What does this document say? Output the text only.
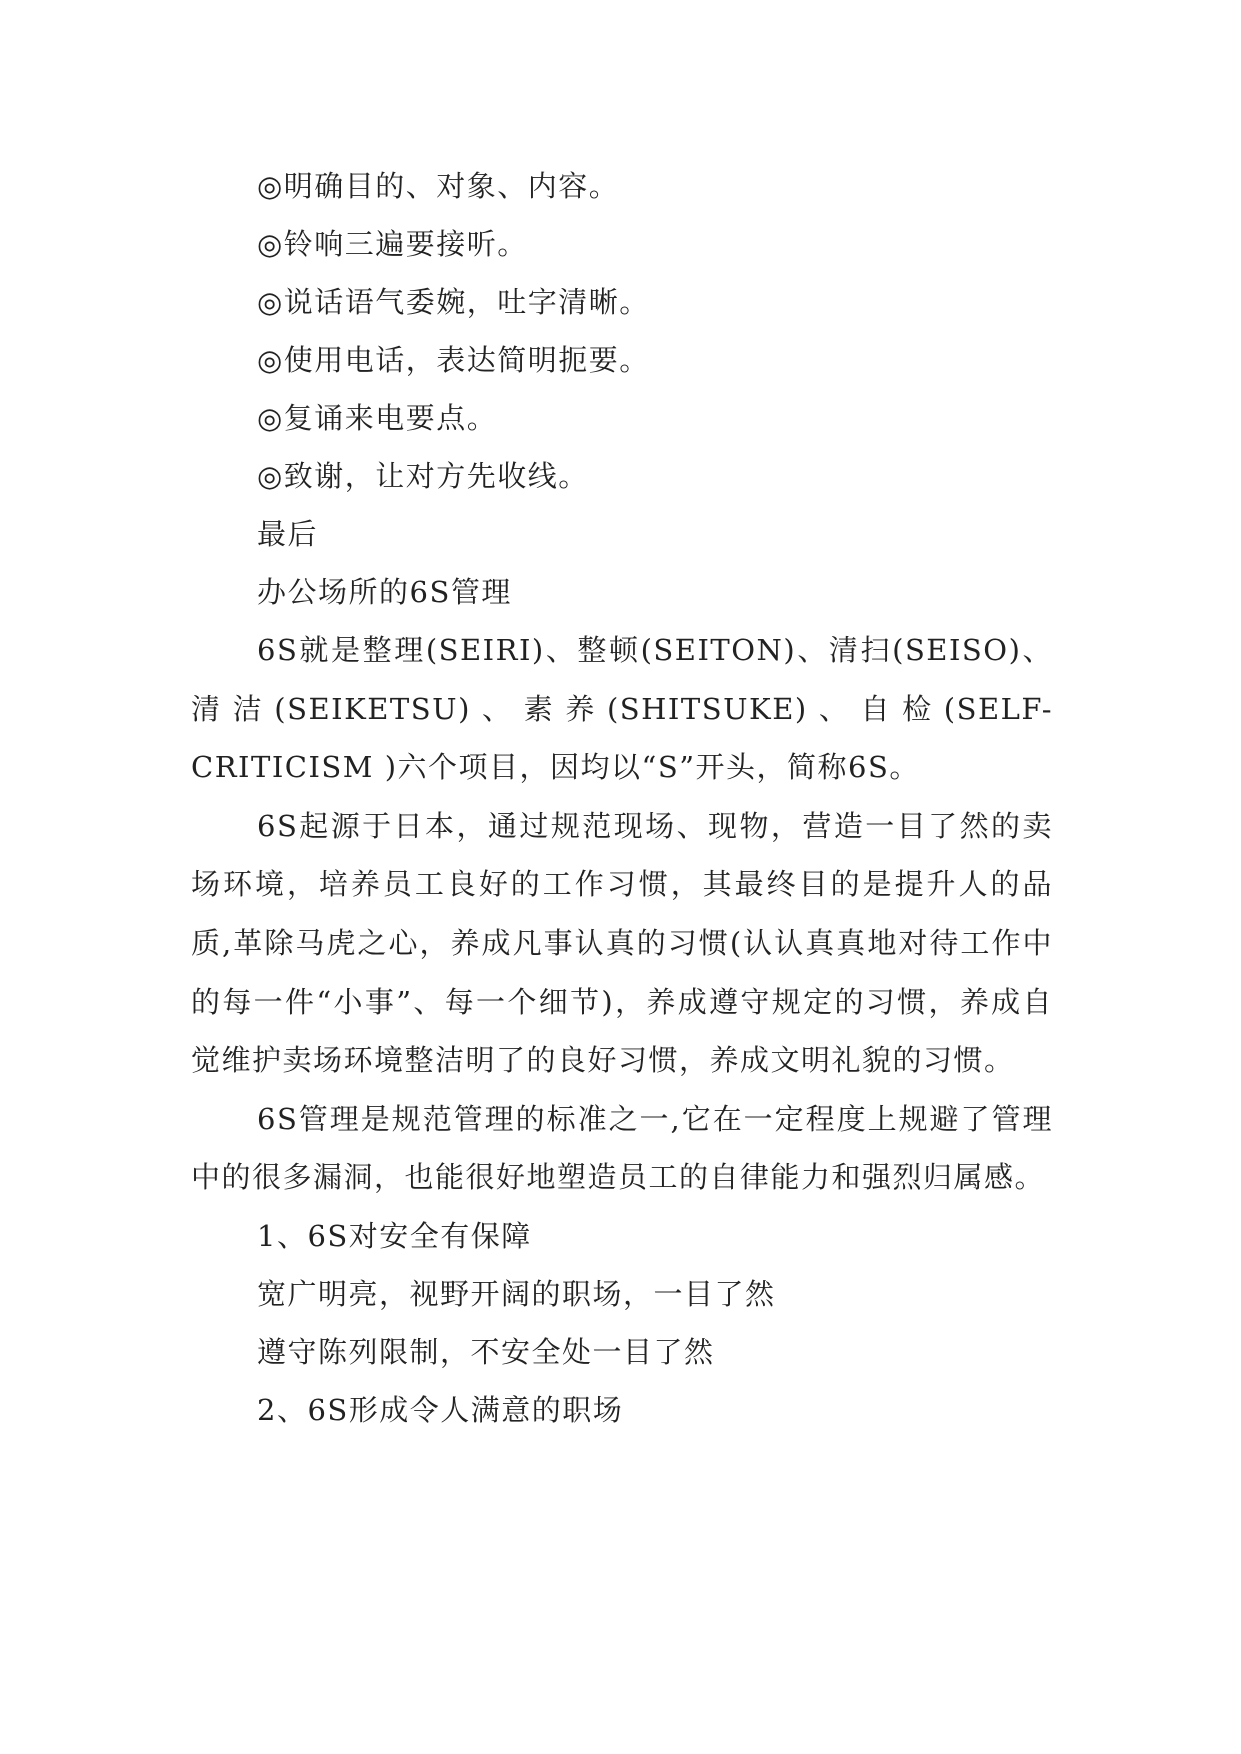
◎明确目的、对象、内容。
◎铃响三遍要接听。
◎说话语气委婉，吐字清晰。
◎使用电话，表达简明扼要。
◎复诵来电要点。
◎致谢，让对方先收线。
最后
办公场所的6S管理

6S就是整理(SEIRI)、整顿(SEITON)、清扫(SEISO)、清洁(SEIKETSU)、素养(SHITSUKE)、自检(SELF-CRITICISM )六个项目，因均以“S”开头，简称6S。

6S起源于日本，通过规范现场、现物，营造一目了然的卖场环境，培养员工良好的工作习惯，其最终目的是提升人的品质,革除马虎之心，养成凡事认真的习惯(认认真真地对待工作中的每一件“小事”、每一个细节)，养成遵守规定的习惯，养成自觉维护卖场环境整洁明了的良好习惯，养成文明礼貌的习惯。

6S管理是规范管理的标准之一,它在一定程度上规避了管理中的很多漏洞，也能很好地塑造员工的自律能力和强烈归属感。

1、6S对安全有保障
宽广明亮，视野开阔的职场，一目了然
遵守陈列限制，不安全处一目了然
2、6S形成令人满意的职场
